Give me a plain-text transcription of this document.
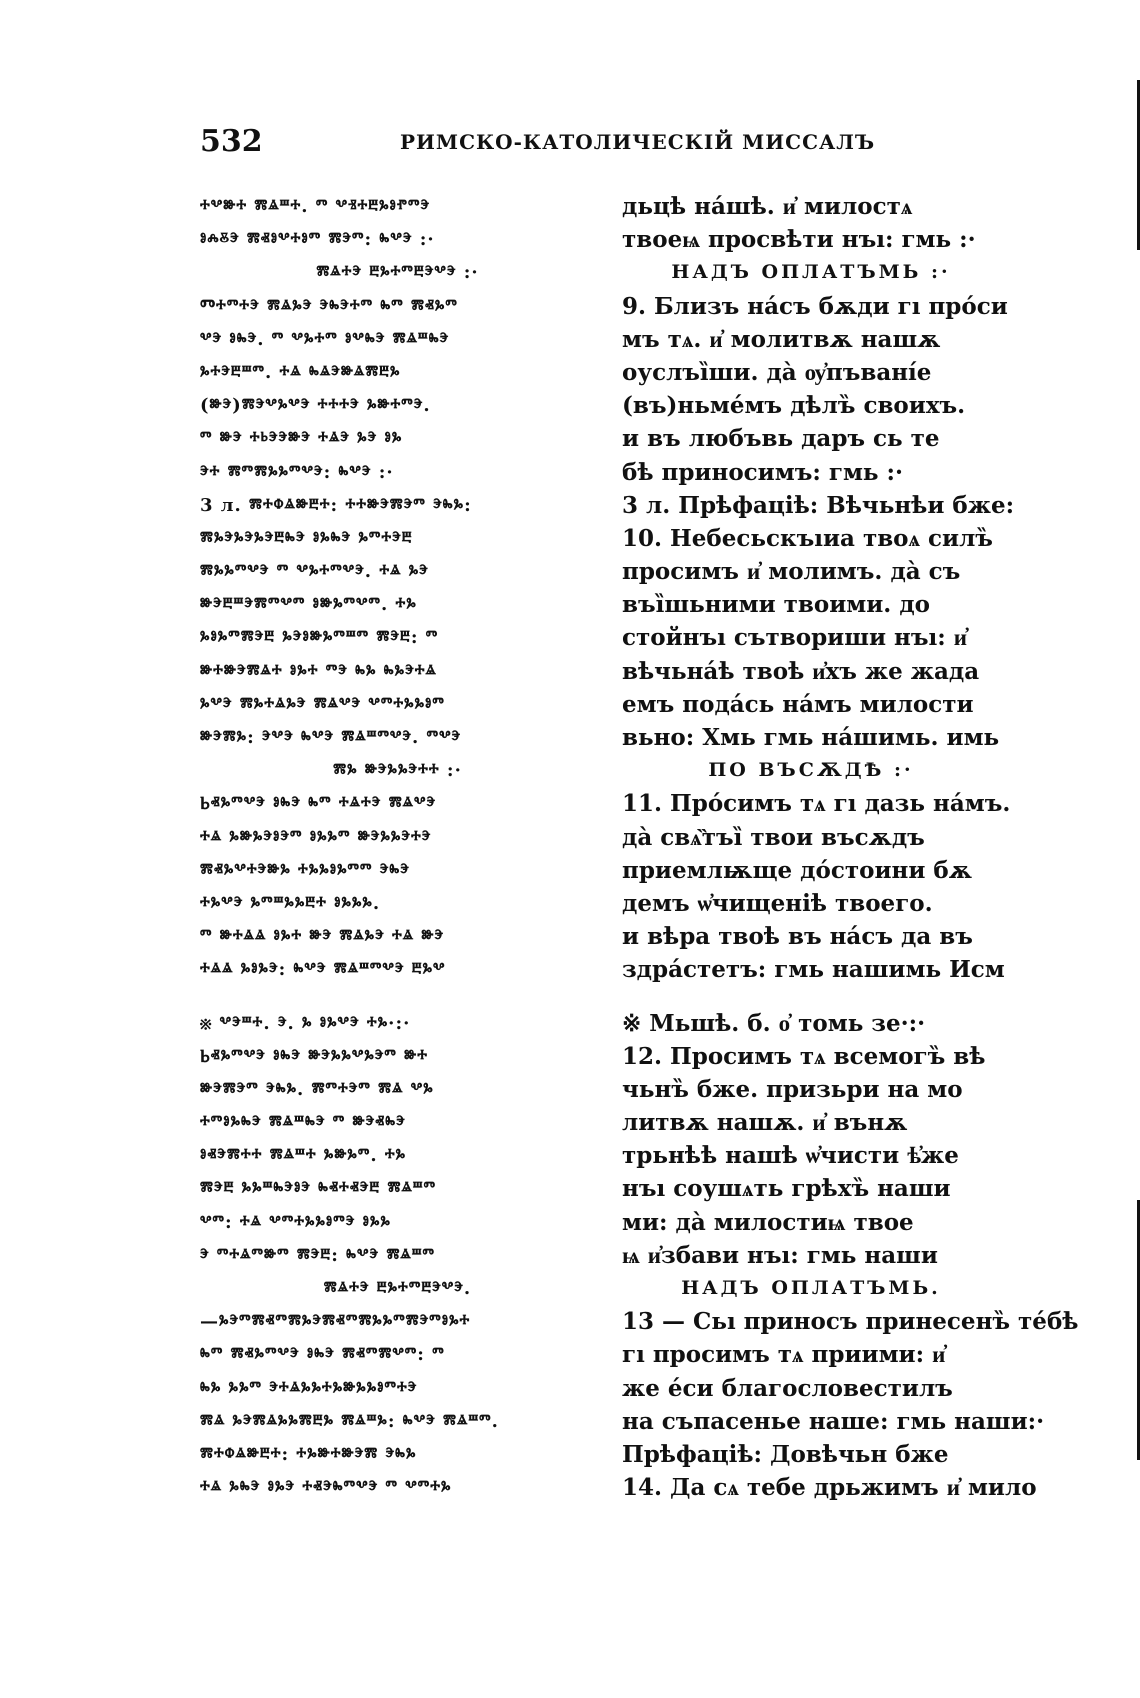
532	РИМСКО-КАТОЛИЧЕСКIЙ МИССАЛЪ
ⰰⰲⱆⰰ ⰿⱑⱎⰰ. ⱅ ⰲⱐⰰⰱⰳⱁⱂⱅⰵ
ⱁⰾⰻⰵ ⰿⱏⱁⰲⰰⱁⱅ ⰿⰵⱅ: ⰸⰲⰵ :·
ⰿⱑⰰⰵ ⰱⰳⰰⱅⰱⰵⰲⰵ :·
Ⱅⰰⱅⰰⰵ ⰿⱑⰳⰵ ⰵⰸⰵⰰⱅ ⰸⱅ ⰿⱏⰳⱅ
ⰲⰵ ⱁⰸⰵ. ⱅ ⰲⰳⰰⱅ ⱁⰲⰸⰵ ⰿⱑⱎⰸⰵ
ⰳⰰⰵⰱⱎⱅ. ⰰⱑ ⰸⱑⰵⱆⱑⰿⰱⰳ
(ⱆⰵ)ⰿⰵⰲⰳⰲⰵ ⰰⰰⰰⰵ ⰳⱆⰰⱅⰵ.
ⱅ ⱆⰵ ⰰⱃⰵⰵⱆⰵ ⰰⱑⰵ ⰳⰵ ⱁⰳ
ⰵⰰ ⰿⱅⰿⰳⰳⱅⰲⰵ: ⰸⰲⰵ :·
3 л. ⰿⰰⱇⱑⱆⰱⰰ: ⰰⰰⱆⰵⰿⰵⱅ ⰵⰸⰳ:
ⰿⰳⰵⰳⰵⰳⰵⰱⰸⰵ ⱁⰳⰸⰵ ⰳⱅⰰⰵⰱ
ⰿⰳⰳⱅⰲⰵ ⱅ ⰲⰳⰰⱅⰲⰵ. ⰰⱑ ⰳⰵ
ⱆⰵⰱⱎⰵⰿⱅⰲⱅ ⱁⱆⰳⱅⰲⱅ. ⰰⰳ
ⰳⱁⰳⱅⰿⰵⰱ ⰳⰵⱁⱆⰳⱅⱎⱅ ⰿⰵⰱ: ⱅ
ⱆⰰⱆⰵⰿⱑⰰ ⱁⰳⰰ ⱅⰵ ⰸⰳ ⰸⰳⰵⰰⱑ
ⰳⰲⰵ ⰿⰳⰰⱑⰳⰵ ⰿⱑⰲⰵ ⰲⱅⰰⰳⰳⱁⱅ
ⱆⰵⰿⰳ: ⰵⰲⰵ ⰸⰲⰵ ⰿⱑⱎⱅⰲⰵ. ⱅⰲⰵ
ⰿⰳ ⱆⰵⰳⰳⰵⰰⰰ :·
Ⱃⱏⰳⱅⰲⰵ ⱁⰸⰵ ⰸⱅ ⰰⱑⰰⰵ ⰿⱑⰲⰵ
ⰰⱑ ⰳⱆⰳⰵⱁⰵⱅ ⱁⰳⰳⱅ ⱆⰵⰳⰳⰵⰰⰵ
ⰿⱏⰳⰲⰰⰵⱆⰳ ⰰⰳⰳⱁⰳⱅⱅ ⰵⰸⰵ
ⰰⰳⰲⰵ ⰳⱅⱎⰳⰳⰱⰰ ⱁⰳⰳⰳ.
ⱅ ⱆⰰⱑⱑ ⱁⰳⰰ ⱆⰵ ⰿⱑⰳⰵ ⰰⱑ ⱆⰵ
ⰰⱑⱑ ⰳⱁⰳⰵ: ⰸⰲⰵ ⰿⱑⱎⱅⰲⰵ ⰱⰳⰲ
※ ⰲⰵⱎⰰ. ⰵ. ⰳ ⱁⰳⰲⰵ ⰰⰳ·:·
Ⱃⱏⰳⱅⰲⰵ ⱁⰸⰵ ⱆⰵⰳⰳⰲⰳⰵⱅ ⱆⰰ
ⱆⰵⰿⰵⱅ ⰵⰸⰳ. ⰿⱅⰰⰵⱅ ⰿⱑ ⰲⰳ
ⰰⱅⱁⰳⰸⰵ ⰿⱑⱎⰸⰵ ⱅ ⱆⰵⱏⰸⰵ
ⱁⱏⰵⰿⰰⰰ ⰿⱑⱎⰰ ⰳⱆⰳⱅ. ⰰⰳ
ⰿⰵⰱ ⰳⰳⱎⰸⰵⱁⰵ ⰸⱏⰰⱏⰵⰱ ⰿⱑⱎⱅ
ⰲⱅ: ⰰⱑ ⰲⱅⰰⰳⰳⱁⱅⰵ ⱁⰳⰳ
ⰵ ⱅⰰⱑⱅⱆⱅ ⰿⰵⰱ: ⰸⰲⰵ ⰿⱑⱎⱅ
ⰿⱑⰰⰵ ⰱⰳⰰⱅⰱⰵⰲⰵ.
—ⰳⰵⱅⰿⱏⱅⰿⰳⰵⰿⱏⱅⰿⰳⰳⱅⰿⰵⱅⱁⰳⰰ
ⰸⱅ ⰿⱏⰳⱅⰲⰵ ⱁⰸⰵ ⰿⱏⱅⰿⰲⱅ: ⱅ
ⰸⰳ ⰳⰳⱅ ⰵⰰⱑⰳⰳⰰⰳⱆⰳⰳⱁⱅⰰⰵ
ⰿⱑ ⰳⰵⰿⱑⰳⰳⰿⰱⰳ ⰿⱑⱎⰳ: ⰸⰲⰵ ⰿⱑⱎⱅ.
ⰿⰰⱇⱑⱆⰱⰰ: ⰰⰳⱆⰰⱆⰵⰿ ⰵⰸⰳ
ⰰⱑ ⰳⰸⰵ ⱁⰳⰵ ⰰⱏⰵⰸⱅⰲⰵ ⱅ ⰲⱅⰰⰳ
дьцѣ нáшѣ. и҆ милостѧ
твоеѩ просвѣти нъı: гмь :·
НАДЪ ОПЛАТЪМЬ :·
9. Близъ нáсъ бѫди гı прóси
мъ тѧ. и҆ молитвѫ нашѫ
оуслъı̏ши. да̀ ѹ҆пъванíе
(въ)ньмéмъ дѣлъ̏ своихъ.
и въ любъвь даръ сь те
бѣ приносимъ: гмь :·
3 л. Прѣфацiѣ: Вѣчьнѣи бже:
10. Небесьскъıиа твоѧ силъ̏
просимъ и҆ молимъ. да̀ съ
въı̏шьними твоими. до
стойнъı сътвориши нъı: и҆
вѣчьнáѣ твоѣ и҆хъ же жада
емъ подáсь нáмъ милости
вьно: Хмь гмь нáшимь. имь
ПО ВЪСѪДѢ :·
11. Прóсимъ тѧ гı дазь нáмъ.
да̀ свѧ̏тъı̏ твои въсѫдъ
приемлѭще дóстоини бѫ
демъ ѡ҆чищенiѣ твоего.
и вѣра твоѣ въ нáсъ да въ
здрáстетъ: гмь нашимь Исм
※ Мьшѣ. б. о҆ томь зе·:·
12. Просимъ тѧ всемогъ̏ вѣ
чьнъ̏ бже. призьри на мо
литвѫ нашѫ. и҆ вънѫ
трьнѣѣ нашѣ ѡ҆чисти ѣ҆же
нъı соушѧть грѣхъ̏ наши
ми: да̀ милостиѩ твое
ѩ и҆збави нъı: гмь наши
НАДЪ ОПЛАТЪМЬ.
13 — Сьı приносъ принесенъ̏ тéбѣ
гı просимъ тѧ приими: и҆
же éси благословестилъ
на съпасенье наше: гмь наши:·
Прѣфацiѣ: Довѣчьн бже
14. Да сѧ тебе дрьжимъ и҆ мило
